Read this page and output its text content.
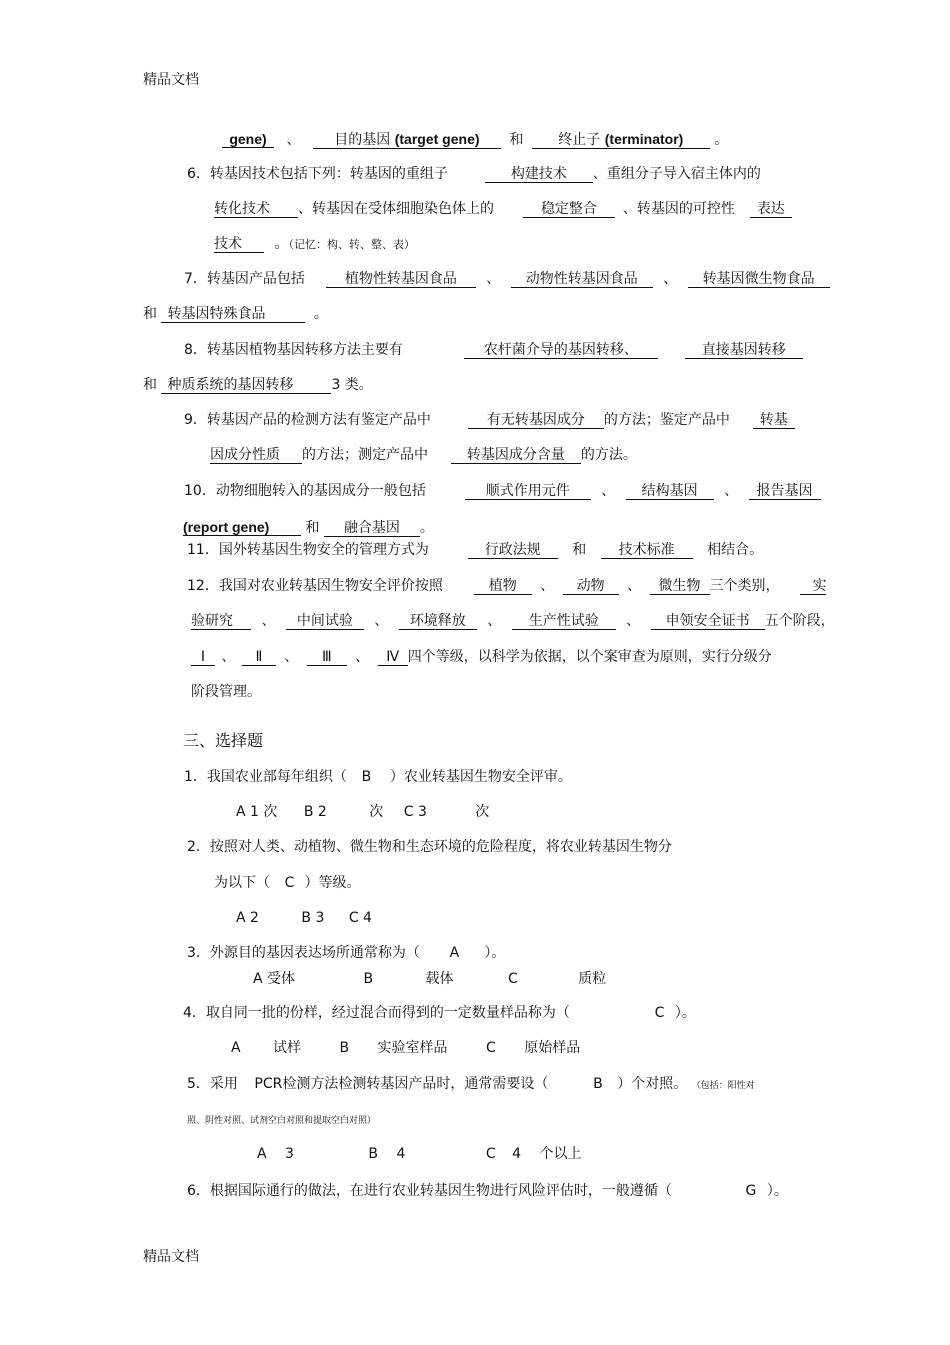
精品文档
精品文档
gene) 、 目的基因 (target gene) 和 终止子 (terminator) 。
6．转基因技术包括下列：转基因的重组子	构建技术 、重组分子导入宿主体内的
转化技术 、转基因在受体细胞染色体上的	稳定整合 、转基因的可控性 表达
技术 。（记忆：构、转、整、表）
7．转基因产品包括	植物性转基因食品 、 动物性转基因食品 、 转基因微生物食品
和 转基因特殊食品	。
8．转基因植物基因转移方法主要有	农杆菌介导的基因转移、	直接基因转移
和 种质系统的基因转移	3 类。
9．转基因产品的检测方法有鉴定产品中	有无转基因成分 的方法；鉴定产品中 转基
因成分性质 的方法；测定产品中	转基因成分含量 的方法。
10．动物细胞转入的基因成分一般包括	顺式作用元件 、 结构基因 、 报告基因
(report gene)	和 融合基因 。
11．国外转基因生物安全的管理方式为	行政法规 和 技术标准 相结合。
12．我国对农业转基因生物安全评价按照	植物 、 动物 、 微生物 三个类别， 实
验研究 、 中间试验 、 环境释放 、 生产性试验 、 申领安全证书 五个阶段，
Ⅰ 、 Ⅱ 、 Ⅲ 、 Ⅳ 四个等级，以科学为依据，以个案审查为原则，实行分级分
阶段管理。
三、选择题
1．我国农业部每年组织（ B ）农业转基因生物安全评审。
A 1 次 B 2	次 C 3	次
2．按照对人类、动植物、微生物和生态环境的危险程度，将农业转基因生物分
为以下（ C ）等级。
A 2	B 3 C 4
3．外源目的基因表达场所通常称为（ A ）。
A 受体	B	载体	C	质粒
4．取自同一批的份样，经过混合而得到的一定数量样品称为（	C ）。
A 试样	B 实验室样品	C 原始样品
5．采用 PCR检测方法检测转基因产品时，通常需要设（	B ）个对照。 （包括：阳性对
照、阴性对照、试剂空白对照和提取空白对照）
A 3	B 4	C 4 个以上
6．根据国际通行的做法，在进行农业转基因生物进行风险评估时，一般遵循（	G ）。
